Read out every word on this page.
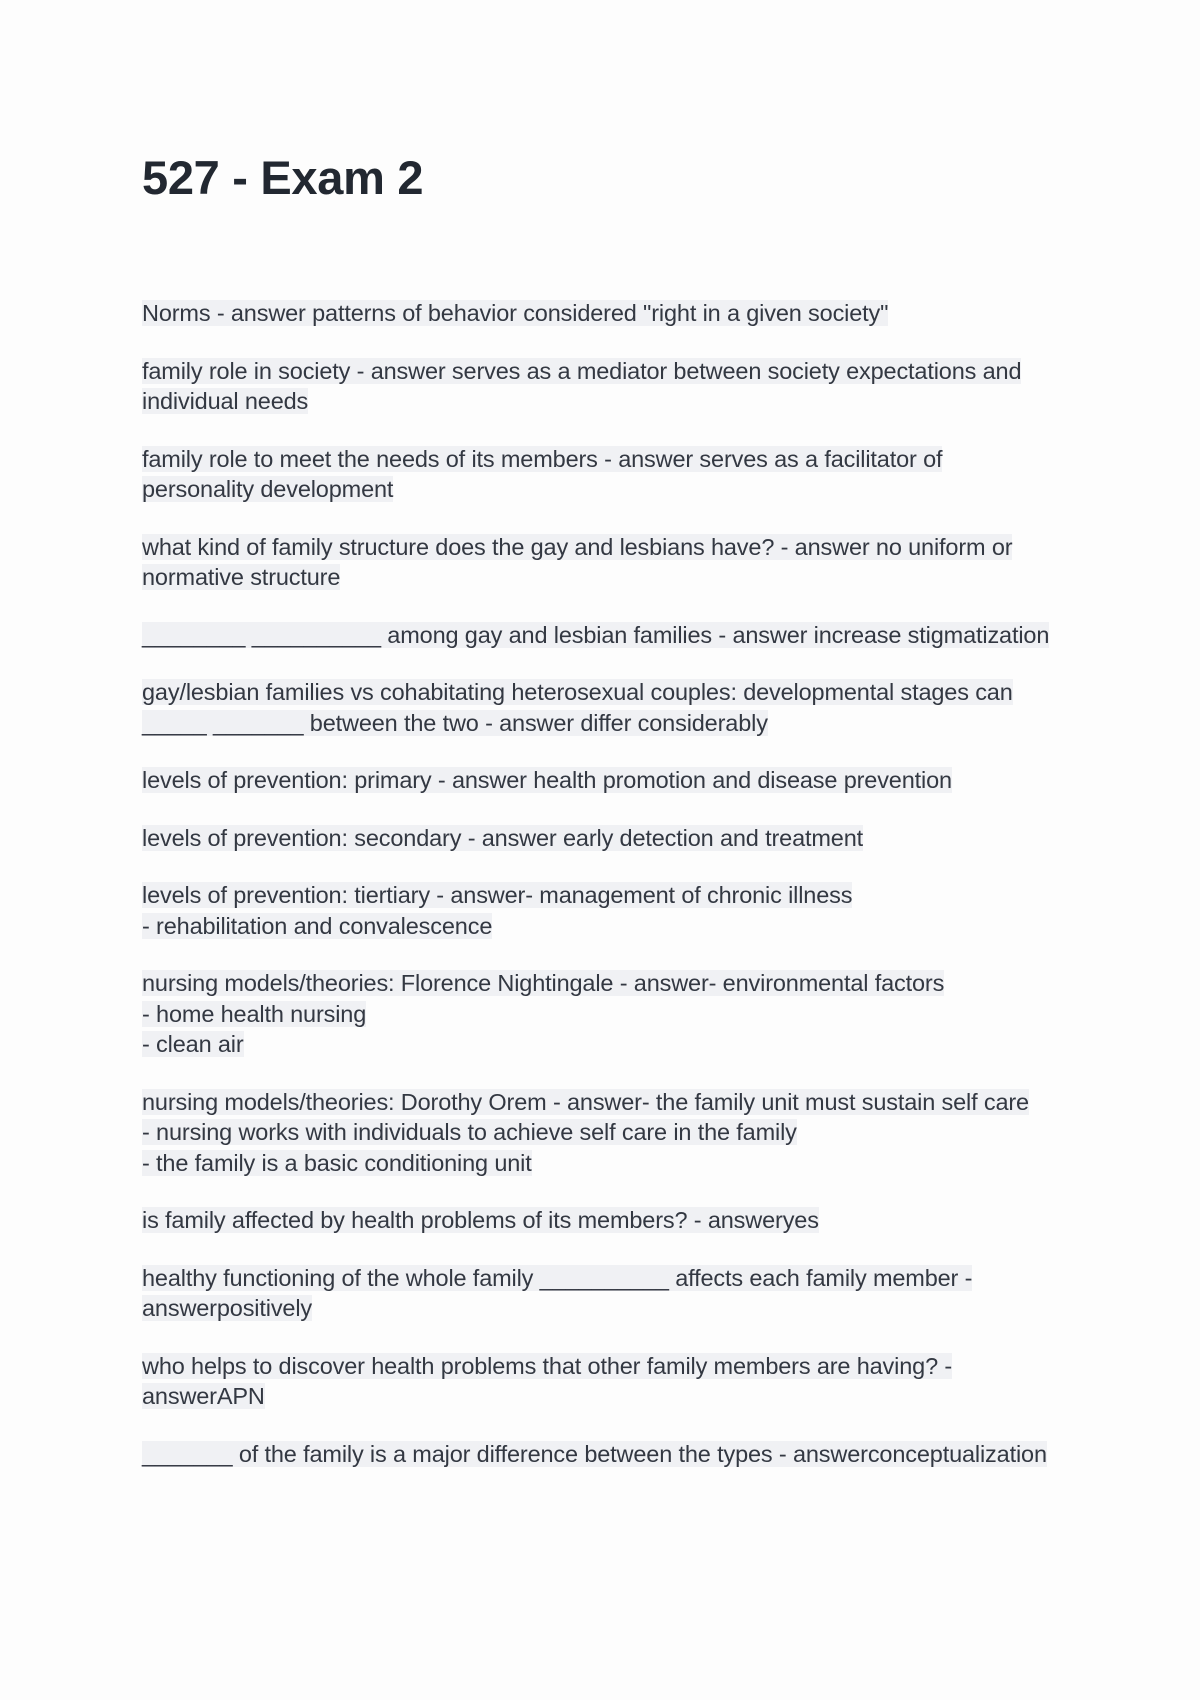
527 - Exam 2
Norms - answer patterns of behavior considered "right in a given society"
family role in society - answer serves as a mediator between society expectations and
individual needs
family role to meet the needs of its members - answer serves as a facilitator of
personality development
what kind of family structure does the gay and lesbians have? - answer no uniform or
normative structure
________ __________ among gay and lesbian families - answer increase stigmatization
gay/lesbian families vs cohabitating heterosexual couples: developmental stages can
_____ _______ between the two - answer differ considerably
levels of prevention: primary - answer health promotion and disease prevention
levels of prevention: secondary - answer early detection and treatment
levels of prevention: tiertiary - answer- management of chronic illness
- rehabilitation and convalescence
nursing models/theories: Florence Nightingale - answer- environmental factors
- home health nursing
- clean air
nursing models/theories: Dorothy Orem - answer- the family unit must sustain self care
- nursing works with individuals to achieve self care in the family
- the family is a basic conditioning unit
is family affected by health problems of its members? - answeryes
healthy functioning of the whole family __________ affects each family member -
answerpositively
who helps to discover health problems that other family members are having? -
answerAPN
_______ of the family is a major difference between the types - answerconceptualization
